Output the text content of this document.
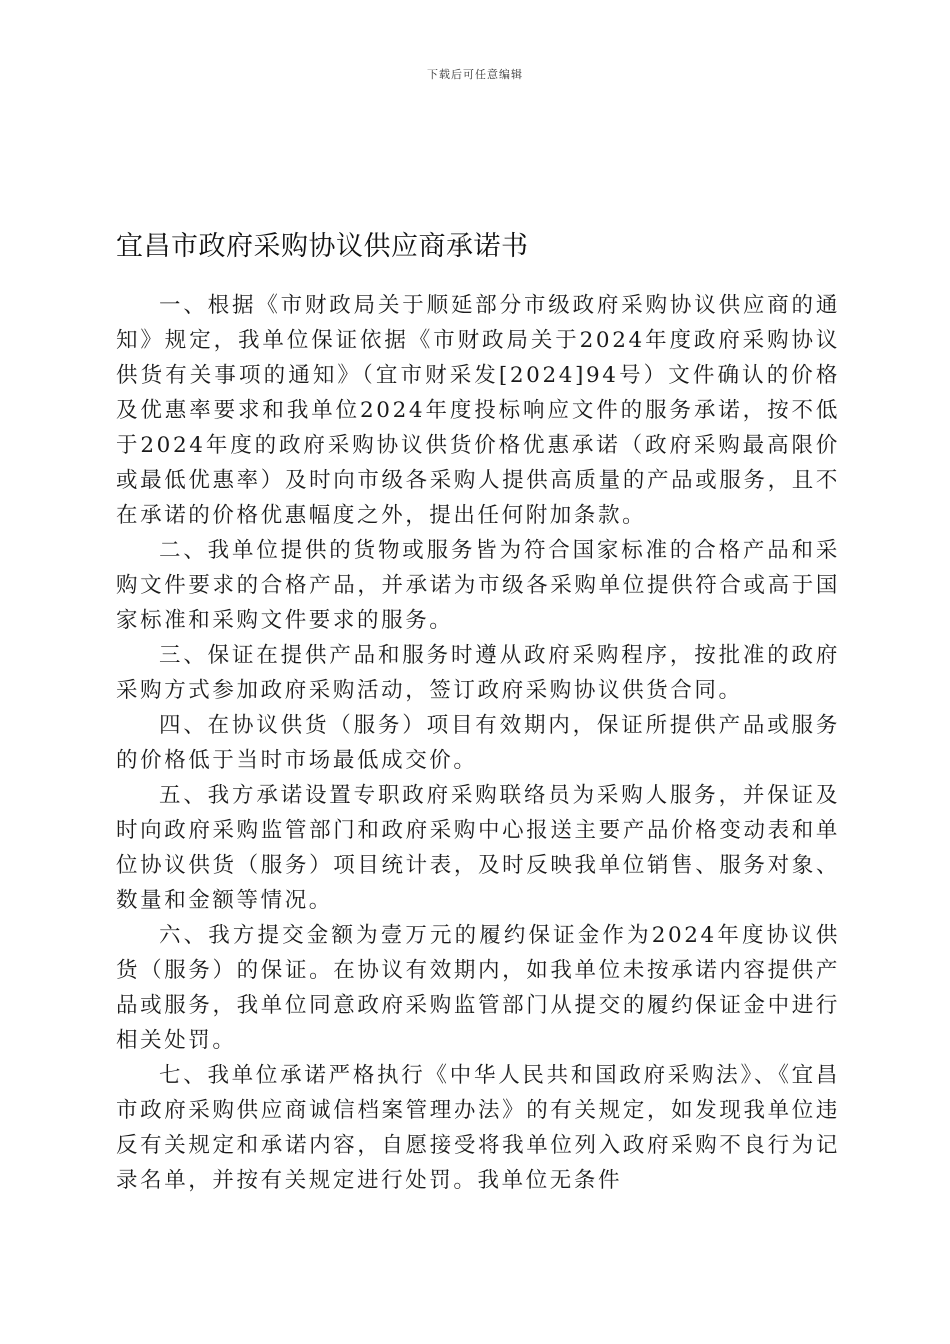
下载后可任意编辑
宜昌市政府采购协议供应商承诺书

一、根据《市财政局关于顺延部分市级政府采购协议供应商的通知》规定，我单位保证依据《市财政局关于2024年度政府采购协议供货有关事项的通知》（宜市财采发[2024]94号）文件确认的价格及优惠率要求和我单位2024年度投标响应文件的服务承诺，按不低于2024年度的政府采购协议供货价格优惠承诺（政府采购最高限价或最低优惠率）及时向市级各采购人提供高质量的产品或服务，且不在承诺的价格优惠幅度之外，提出任何附加条款。

二、我单位提供的货物或服务皆为符合国家标准的合格产品和采购文件要求的合格产品，并承诺为市级各采购单位提供符合或高于国家标准和采购文件要求的服务。

三、保证在提供产品和服务时遵从政府采购程序，按批准的政府采购方式参加政府采购活动，签订政府采购协议供货合同。

四、在协议供货（服务）项目有效期内，保证所提供产品或服务的价格低于当时市场最低成交价。

五、我方承诺设置专职政府采购联络员为采购人服务，并保证及时向政府采购监管部门和政府采购中心报送主要产品价格变动表和单位协议供货（服务）项目统计表，及时反映我单位销售、服务对象、数量和金额等情况。

六、我方提交金额为壹万元的履约保证金作为2024年度协议供货（服务）的保证。在协议有效期内，如我单位未按承诺内容提供产品或服务，我单位同意政府采购监管部门从提交的履约保证金中进行相关处罚。

七、我单位承诺严格执行《中华人民共和国政府采购法》、《宜昌市政府采购供应商诚信档案管理办法》的有关规定，如发现我单位违反有关规定和承诺内容，自愿接受将我单位列入政府采购不良行为记录名单，并按有关规定进行处罚。我单位无条件
